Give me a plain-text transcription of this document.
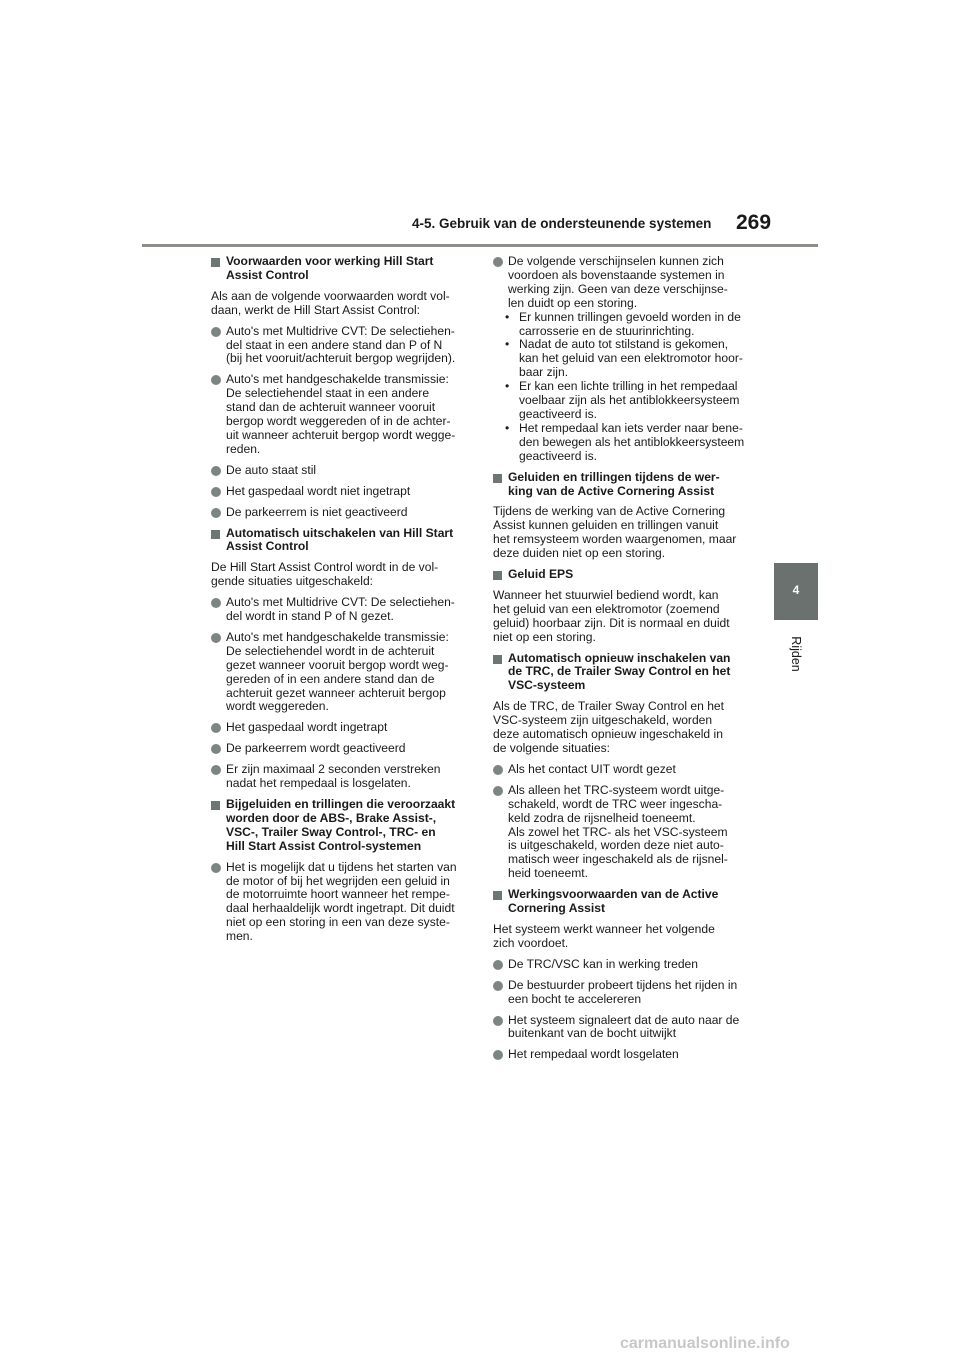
4-5. Gebruik van de ondersteunende systemen 269
4
Rijden
Voorwaarden voor werking Hill Start
Assist Control
Als aan de volgende voorwaarden wordt vol-
daan, werkt de Hill Start Assist Control:
Auto's met Multidrive CVT: De selectiehen-
del staat in een andere stand dan P of N
(bij het vooruit/achteruit bergop wegrijden).
Auto's met handgeschakelde transmissie:
De selectiehendel staat in een andere
stand dan de achteruit wanneer vooruit
bergop wordt weggereden of in de achter-
uit wanneer achteruit bergop wordt wegge-
reden.
De auto staat stil
Het gaspedaal wordt niet ingetrapt
De parkeerrem is niet geactiveerd
Automatisch uitschakelen van Hill Start
Assist Control
De Hill Start Assist Control wordt in de vol-
gende situaties uitgeschakeld:
Auto's met Multidrive CVT: De selectiehen-
del wordt in stand P of N gezet.
Auto's met handgeschakelde transmissie:
De selectiehendel wordt in de achteruit
gezet wanneer vooruit bergop wordt weg-
gereden of in een andere stand dan de
achteruit gezet wanneer achteruit bergop
wordt weggereden.
Het gaspedaal wordt ingetrapt
De parkeerrem wordt geactiveerd
Er zijn maximaal 2 seconden verstreken
nadat het rempedaal is losgelaten.
Bijgeluiden en trillingen die veroorzaakt
worden door de ABS-, Brake Assist-,
VSC-, Trailer Sway Control-, TRC- en
Hill Start Assist Control-systemen
Het is mogelijk dat u tijdens het starten van
de motor of bij het wegrijden een geluid in
de motorruimte hoort wanneer het rempe-
daal herhaaldelijk wordt ingetrapt. Dit duidt
niet op een storing in een van deze syste-
men.
De volgende verschijnselen kunnen zich
voordoen als bovenstaande systemen in
werking zijn. Geen van deze verschijnse-
len duidt op een storing.
• Er kunnen trillingen gevoeld worden in de
carrosserie en de stuurinrichting.
• Nadat de auto tot stilstand is gekomen,
kan het geluid van een elektromotor hoor-
baar zijn.
• Er kan een lichte trilling in het rempedaal
voelbaar zijn als het antiblokkeersysteem
geactiveerd is.
• Het rempedaal kan iets verder naar bene-
den bewegen als het antiblokkeersysteem
geactiveerd is.
Geluiden en trillingen tijdens de wer-
king van de Active Cornering Assist
Tijdens de werking van de Active Cornering
Assist kunnen geluiden en trillingen vanuit
het remsysteem worden waargenomen, maar
deze duiden niet op een storing.
Geluid EPS
Wanneer het stuurwiel bediend wordt, kan
het geluid van een elektromotor (zoemend
geluid) hoorbaar zijn. Dit is normaal en duidt
niet op een storing.
Automatisch opnieuw inschakelen van
de TRC, de Trailer Sway Control en het
VSC-systeem
Als de TRC, de Trailer Sway Control en het
VSC-systeem zijn uitgeschakeld, worden
deze automatisch opnieuw ingeschakeld in
de volgende situaties:
Als het contact UIT wordt gezet
Als alleen het TRC-systeem wordt uitge-
schakeld, wordt de TRC weer ingescha-
keld zodra de rijsnelheid toeneemt.
Als zowel het TRC- als het VSC-systeem
is uitgeschakeld, worden deze niet auto-
matisch weer ingeschakeld als de rijsnel-
heid toeneemt.
Werkingsvoorwaarden van de Active
Cornering Assist
Het systeem werkt wanneer het volgende
zich voordoet.
De TRC/VSC kan in werking treden
De bestuurder probeert tijdens het rijden in
een bocht te accelereren
Het systeem signaleert dat de auto naar de
buitenkant van de bocht uitwijkt
Het rempedaal wordt losgelaten
carmanualsonline.info
